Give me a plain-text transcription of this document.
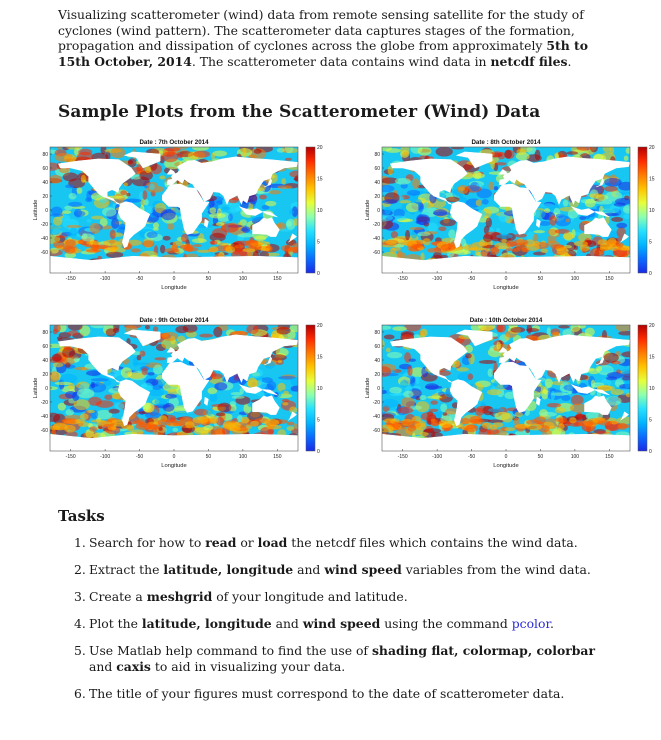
Visualizing scatterometer (wind) data from remote sensing satellite for the study of cyclones (wind pattern). The scatterometer data captures stages of the formation, propagation and dissipation of cyclones across the globe from approximately 5th to 15th October, 2014. The scatterometer data contains wind data in netcdf files.
Sample Plots from the Scatterometer (Wind) Data
Date : 7th October 2014
-150	-100	-50	0	50	100	150
80
60
40
20
0
-20
-40
-60
Longitude
Latitude
20
15
10
5
0
Date : 8th October 2014
-150	-100	-50	0	50	100	150
80
60
40
20
0
-20
-40
-60
Longitude
Latitude
20
15
10
5
0
Date : 9th October 2014
-150	-100	-50	0	50	100	150
80
60
40
20
0
-20
-40
-60
Longitude
Latitude
20
15
10
5
0
Date : 10th October 2014
-150	-100	-50	0	50	100	150
80
60
40
20
0
-20
-40
-60
Longitude
Latitude
20
15
10
5
0
Tasks
1. Search for how to read or load the netcdf files which contains the wind data.
2. Extract the latitude, longitude and wind speed variables from the wind data.
3. Create a meshgrid of your longitude and latitude.
4. Plot the latitude, longitude and wind speed using the command pcolor.
5. Use Matlab help command to find the use of shading flat, colormap, colorbar and caxis to aid in visualizing your data.
6. The title of your figures must correspond to the date of scatterometer data.
